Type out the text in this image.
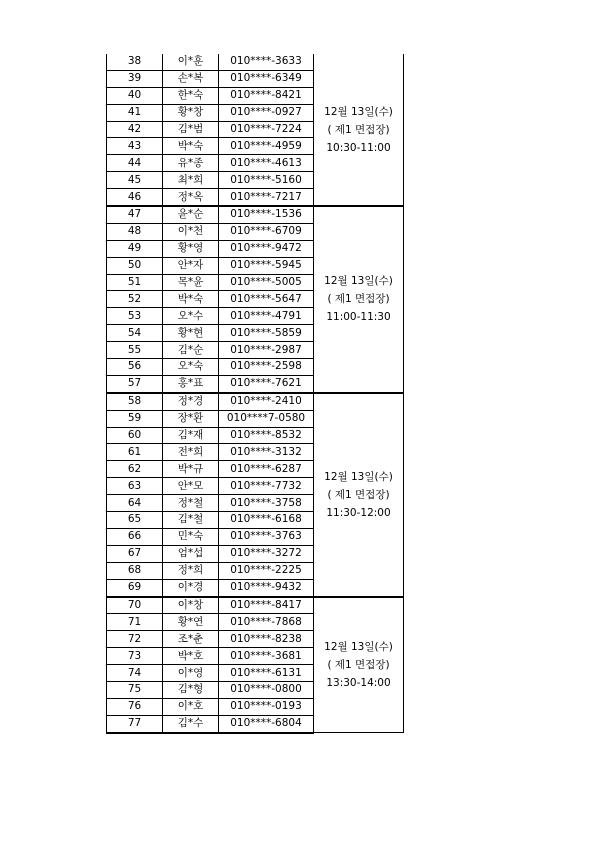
38	이*훈	010****-3633	12월 13일(수)
( 제1 면접장)
10:30-11:00

39	손*복	010****-6349	
40	한*숙	010****-8421	
41	황*창	010****-0927	
42	김*범	010****-7224	
43	박*숙	010****-4959	
44	유*종	010****-4613	
45	최*희	010****-5160	
46	정*옥	010****-7217	
47	윤*순	010****-1536	12월 13일(수)
( 제1 면접장)
11:00-11:30

48	이*천	010****-6709	
49	황*영	010****-9472	
50	안*자	010****-5945	
51	목*윤	010****-5005	
52	박*숙	010****-5647	
53	오*수	010****-4791	
54	황*현	010****-5859	
55	김*순	010****-2987	
56	오*숙	010****-2598	
57	홍*표	010****-7621	
58	정*경	010****-2410	12월 13일(수)
( 제1 면접장)
11:30-12:00

59	장*환	010****7-0580	
60	김*재	010****-8532	
61	전*희	010****-3132	
62	박*규	010****-6287	
63	안*모	010****-7732	
64	정*철	010****-3758	
65	김*철	010****-6168	
66	민*숙	010****-3763	
67	엄*섭	010****-3272	
68	정*희	010****-2225	
69	이*경	010****-9432	
70	이*창	010****-8417	12월 13일(수)
( 제1 면접장)
13:30-14:00

71	황*연	010****-7868	
72	조*춘	010****-8238	
73	박*호	010****-3681	
74	이*영	010****-6131	
75	김*형	010****-0800	
76	이*호	010****-0193	
77	김*수	010****-6804	
